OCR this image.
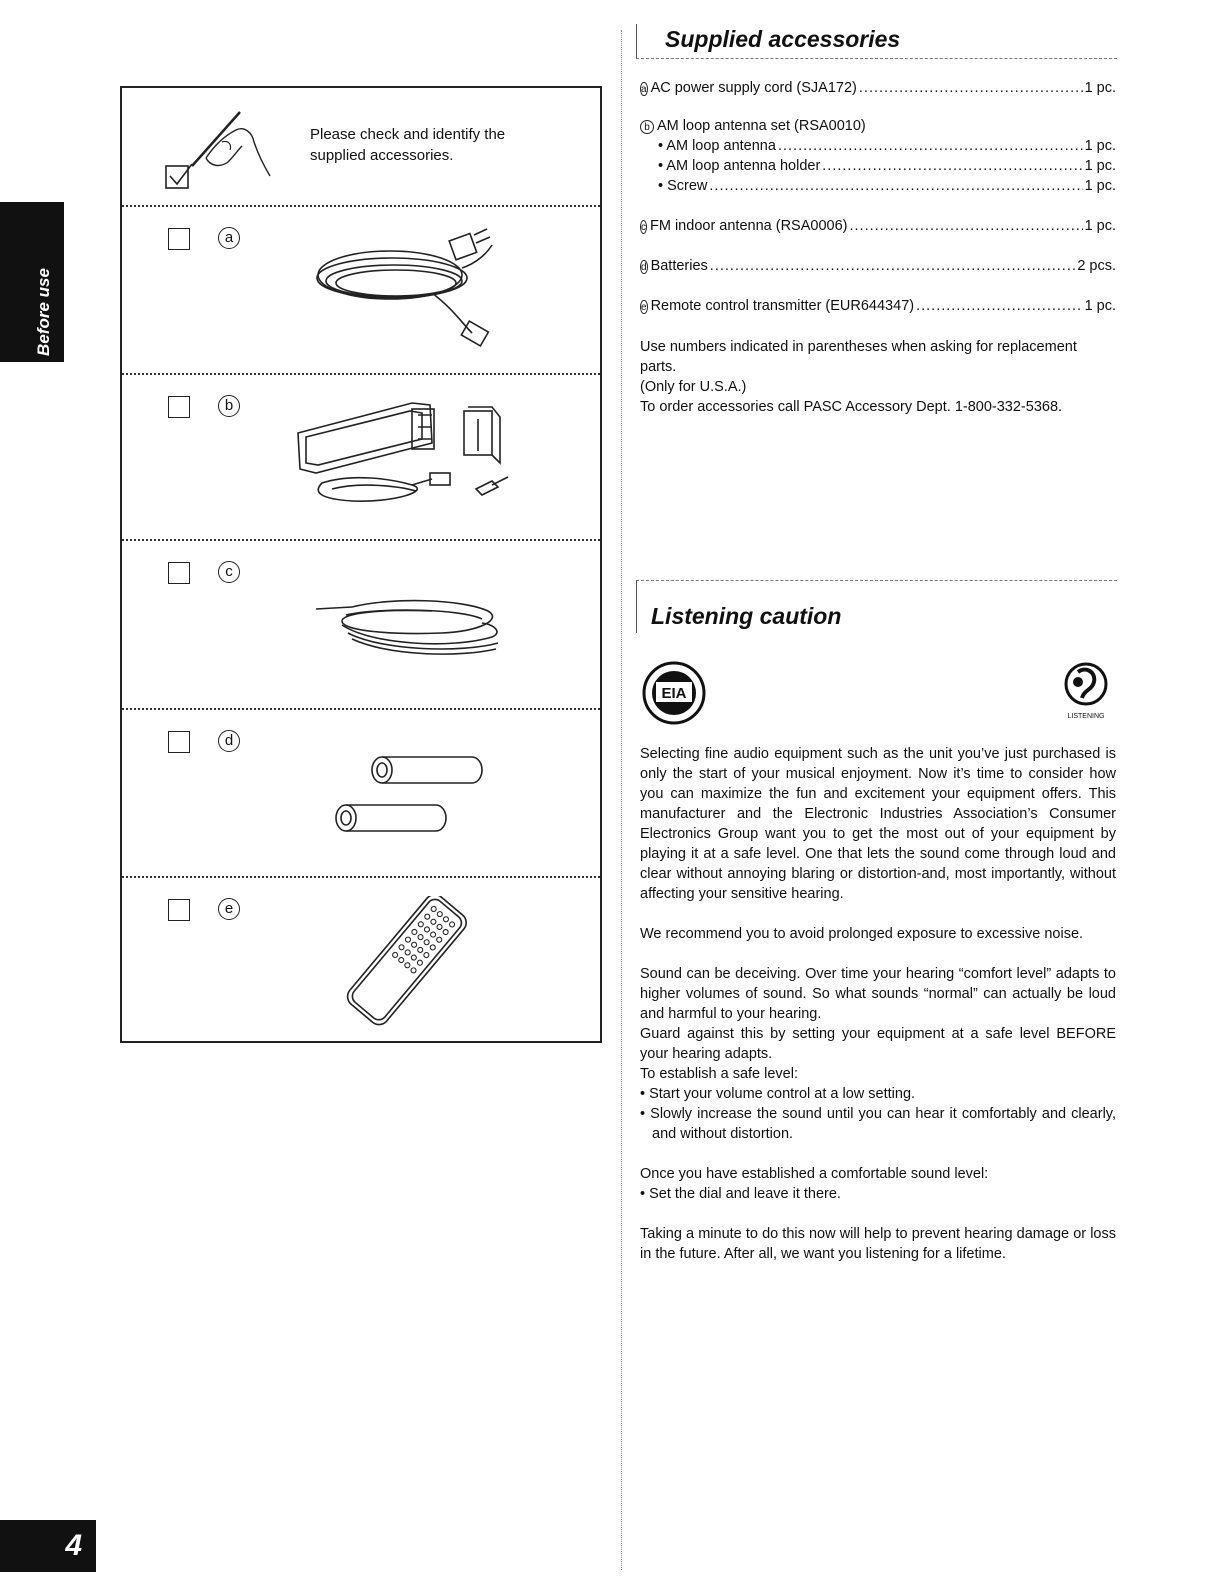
Before use
Please check and identify the supplied accessories.
a
b
c
d
e
Supplied accessories
a AC power supply cord (SJA172) .....	1 pc.
b AM loop antenna set (RSA0010)
• AM loop antenna .....	1 pc.
• AM loop antenna holder .....	1 pc.
• Screw .....	1 pc.
c FM indoor antenna (RSA0006) .....	1 pc.
d Batteries .....	2 pcs.
e Remote control transmitter (EUR644347) .....	1 pc.

Use numbers indicated in parentheses when asking for replacement parts.

(Only for U.S.A.)

To order accessories call PASC Accessory Dept. 1-800-332-5368.

Listening caution
EIA
LISTENING

Selecting fine audio equipment such as the unit you’ve just purchased is only the start of your musical enjoyment. Now it’s time to consider how you can maximize the fun and excitement your equipment offers. This manufacturer and the Electronic Industries Association’s Consumer Electronics Group want you to get the most out of your equipment by playing it at a safe level. One that lets the sound come through loud and clear without annoying blaring or distortion-and, most importantly, without affecting your sensitive hearing.

We recommend you to avoid prolonged exposure to excessive noise.

Sound can be deceiving. Over time your hearing “comfort level” adapts to higher volumes of sound. So what sounds “normal” can actually be loud and harmful to your hearing.

Guard against this by setting your equipment at a safe level BEFORE your hearing adapts.

To establish a safe level:

• Start your volume control at a low setting.

• Slowly increase the sound until you can hear it comfortably and clearly, and without distortion.

Once you have established a comfortable sound level:

• Set the dial and leave it there.

Taking a minute to do this now will help to prevent hearing damage or loss in the future. After all, we want you listening for a lifetime.

4
